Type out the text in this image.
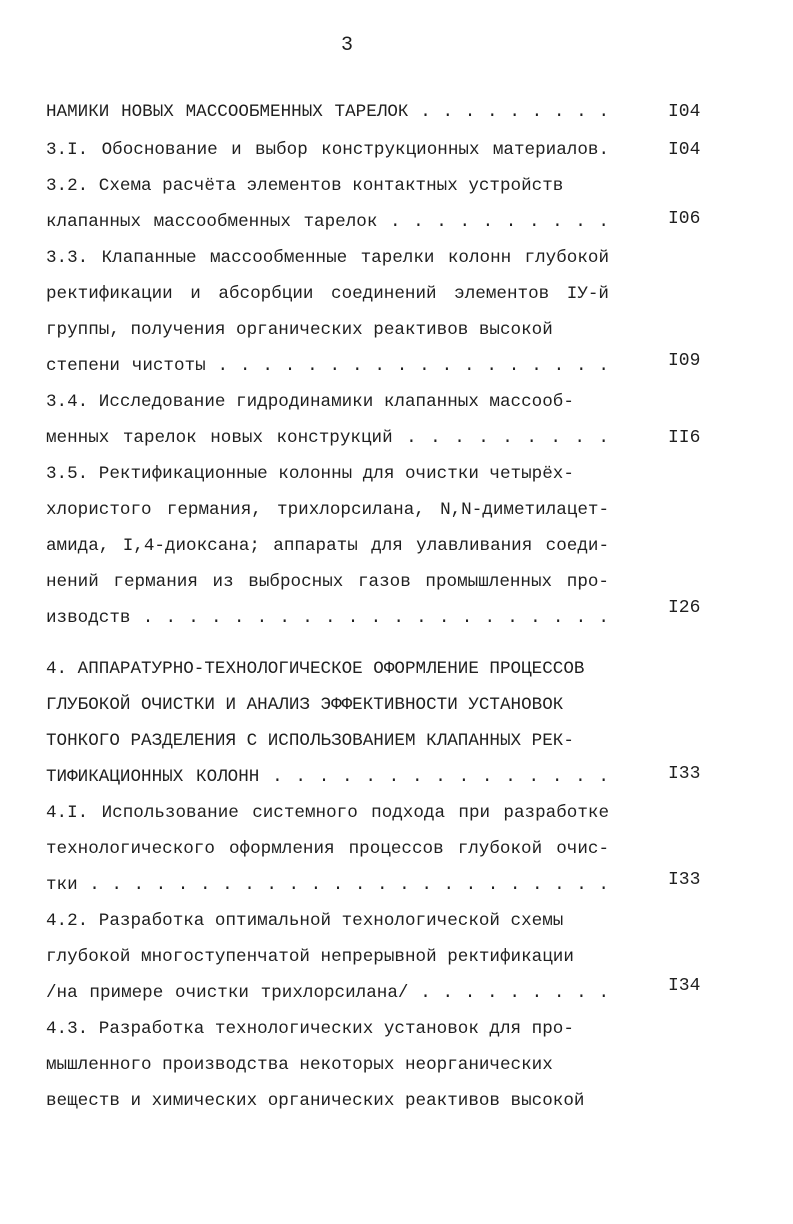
3
НАМИКИ НОВЫХ МАССООБМЕННЫХ ТАРЕЛОК . . . . . . . . .
3.I. Обоснование и выбор конструкционных материалов.
3.2. Схема расчёта элементов контактных устройств
клапанных массообменных тарелок . . . . . . . . . .
3.3. Клапанные массообменные тарелки колонн глубокой
ректификации и абсорбции соединений элементов IУ-й
группы, получения органических реактивов высокой
степени чистоты . . . . . . . . . . . . . . . . . .
3.4. Исследование гидродинамики клапанных массооб-
менных тарелок новых конструкций . . . . . . . . .
3.5. Ректификационные колонны для очистки четырёх-
хлористого германия, трихлорсилана, N,N-диметилацет-
амида, I,4-диоксана; аппараты для улавливания соеди-
нений германия из выбросных газов промышленных про-
изводств . . . . . . . . . . . . . . . . . . . . .
4. АППАРАТУРНО-ТЕХНОЛОГИЧЕСКОЕ ОФОРМЛЕНИЕ ПРОЦЕССОВ
ГЛУБОКОЙ ОЧИСТКИ И АНАЛИЗ ЭФФЕКТИВНОСТИ УСТАНОВОК
ТОНКОГО РАЗДЕЛЕНИЯ С ИСПОЛЬЗОВАНИЕМ КЛАПАННЫХ РЕК-
ТИФИКАЦИОННЫХ КОЛОНН . . . . . . . . . . . . . . .
4.I. Использование системного подхода при разработке
технологического оформления процессов глубокой очис-
тки . . . . . . . . . . . . . . . . . . . . . . . .
4.2. Разработка оптимальной технологической схемы
глубокой многоступенчатой непрерывной ректификации
/на примере очистки трихлорсилана/ . . . . . . . . .
4.3. Разработка технологических установок для про-
мышленного производства некоторых неорганических
веществ и химических органических реактивов высокой
I04
I04
I06
I09
II6
I26
I33
I33
I34
